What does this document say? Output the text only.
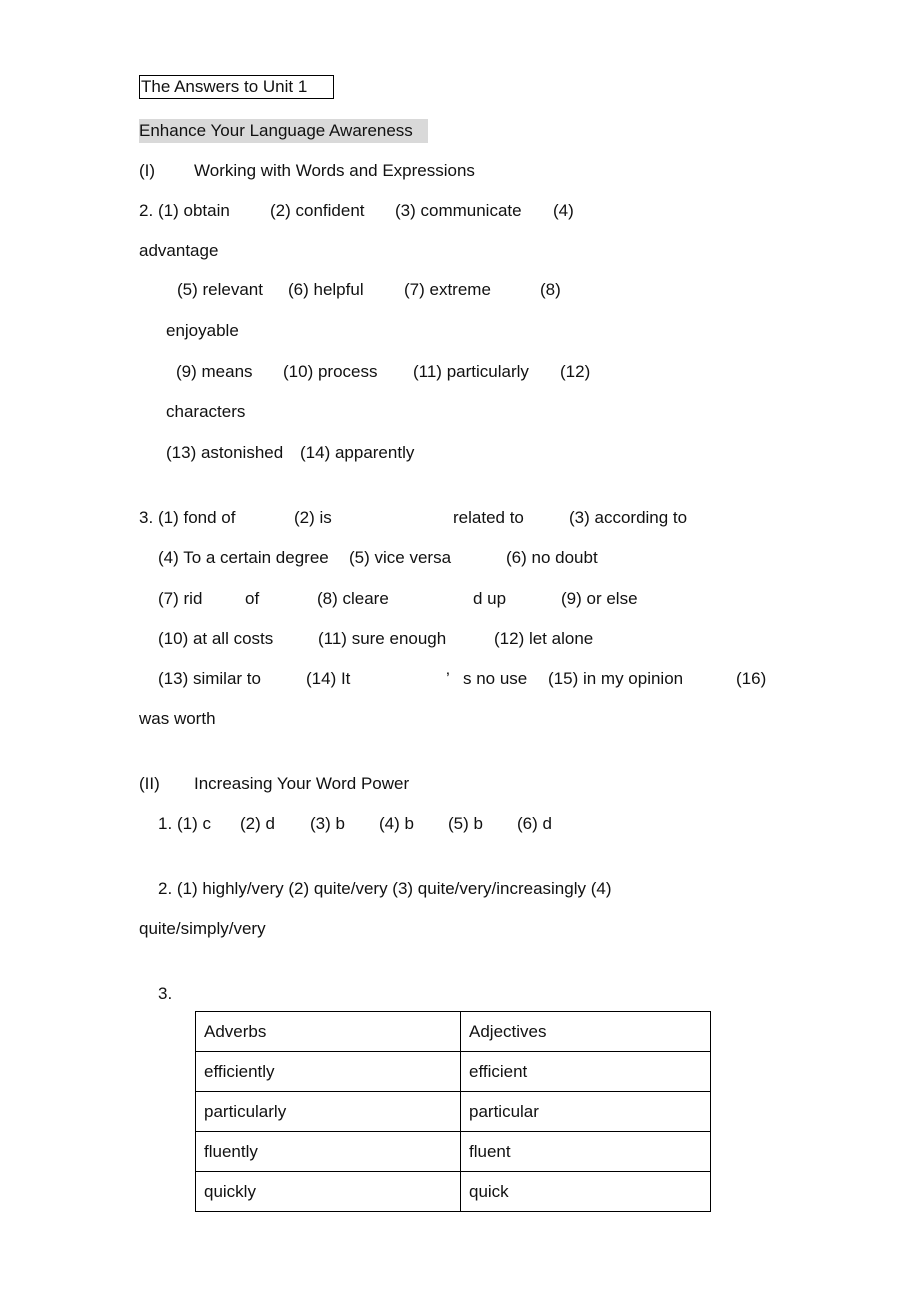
The Answers to Unit 1
Enhance Your Language Awareness
(I) Working with Words and Expressions
2. (1) obtain (2) confident (3) communicate (4)
advantage
(5) relevant (6) helpful (7) extreme	(8)
enjoyable
(9) means (10) process (11) particularly (12)
characters
(13) astonished (14) apparently
3. (1) fond of	(2) is	related to	(3) according to
(4) To a certain degree (5) vice versa	(6) no doubt
(7) rid	of	(8) cleare	d up	(9) or else
(10) at all costs	(11) sure enough	(12) let alone
(13) similar to	(14) It	’ s no use (15) in my opinion	(16)
was worth
(II) Increasing Your Word Power
1. (1) c (2) d (3) b (4) b (5) b (6) d
2. (1) highly/very (2) quite/very (3) quite/very/increasingly (4)
quite/simply/very
3.
Adverbs	Adjectives
efficiently	efficient
particularly	particular
fluently	fluent
quickly	quick
